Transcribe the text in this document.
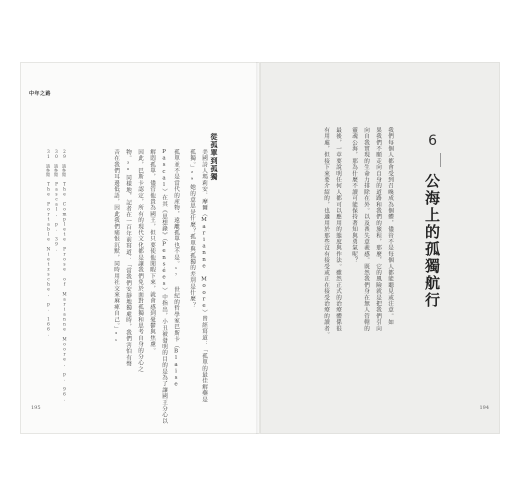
中年之路
從孤單到孤獨
美國詩人瑪莉安．摩爾（Marianne Moore）曾經寫道：「孤單的最佳解藥是
孤獨。」²⁹她的意思是什麼？孤單與孤獨的差別是什麼？
孤單並不是當代的產物，遠離孤單也不是。¹⁷ 世紀的哲學家巴斯卡（Blaise
Pascal）在其《思想錄》（Pensées）中指出，小丑被發明的目的是為了讓國王分心以
解悶孤單，儘管他貴為國王，但只要使他閒暇下來，就會感到憂鬱與焦慮。
因此，巴斯卡認定，所有的現代文化都是讓我們免於面對孤獨和思考自身的分心之
物。³⁰同樣地，記者在一百年前寫道：「當我們安靜地獨處時，我們害怕有聲
音在我們耳邊低語，因此我們痛恨沉默，同時用社交來麻痺自己。」³¹
29 請參閱 The Complete Prose of Marianne Moore, p. 96.
30 請參閱 Pascal, p. 39.
31 請參閱 The Portable Nietzsche, p. 166.
195
6
公海上的孤獨航行
我們每個人都會受到召喚成為個體，儘管不是每個人都能聽見或注意。如
果我們不願走向自身的道路和我們的旅程，那麼，它的風險就是把我們引向
向自我實現的生命力排除在外。以及喪失意義感。既然我們身在無人管轄的
靈魂公海，那為什麼不讀可能保持著知與勇氣呢？
最後，一章要說明任何人都可以應用的態度與作法。雖然正式的治療體係很
有用處，但接下來要介紹的，也適用於那些沒有接受或正在接受治療的讀者。
194
